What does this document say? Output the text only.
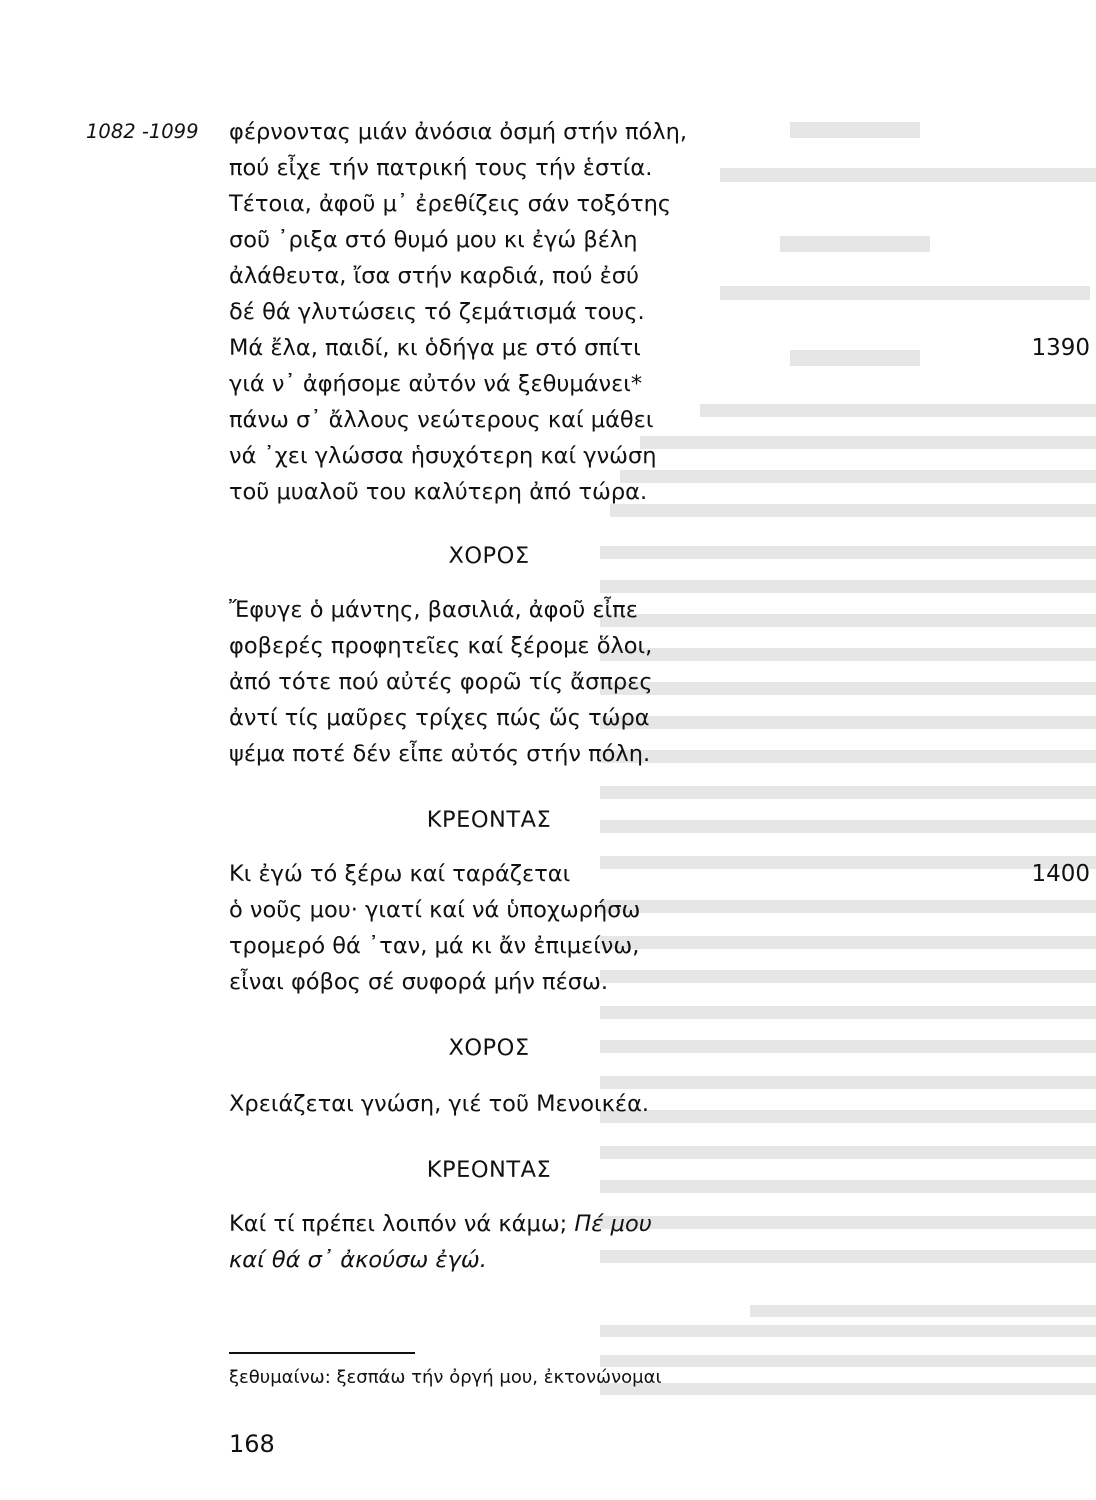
1082 -1099 φέρνοντας μιάν ἀνόσια ὀσμή στήν πόλη,
πού εἶχε τήν πατρική τους τήν ἑστία.
Τέτοια, ἀφοῦ μ᾽ ἐρεθίζεις σάν τοξότης
σοῦ ᾽ριξα στό θυμό μου κι ἐγώ βέλη
ἀλάθευτα, ἴσα στήν καρδιά, πού ἐσύ
δέ θά γλυτώσεις τό ζεμάτισμά τους.
Μά ἔλα, παιδί, κι ὁδήγα με στό σπίτι
γιά ν᾽ ἀφήσομε αὐτόν νά ξεθυμάνει*
πάνω σ᾽ ἄλλους νεώτερους καί μάθει
νά ᾽χει γλώσσα ἡσυχότερη καί γνώση
τοῦ μυαλοῦ του καλύτερη ἀπό τώρα.
1390
ΧΟΡΟΣ
Ἔφυγε ὁ μάντης, βασιλιά, ἀφοῦ εἶπε
φοβερές προφητεῖες καί ξέρομε ὅλοι,
ἀπό τότε πού αὐτές φορῶ τίς ἄσπρες
ἀντί τίς μαῦρες τρίχες πώς ὥς τώρα
ψέμα ποτέ δέν εἶπε αὐτός στήν πόλη.
ΚΡΕΟΝΤΑΣ
Κι ἐγώ τό ξέρω καί ταράζεται
ὁ νοῦς μου· γιατί καί νά ὑποχωρήσω
τρομερό θά ᾽ταν, μά κι ἄν ἐπιμείνω,
εἶναι φόβος σέ συφορά μήν πέσω.
1400
ΧΟΡΟΣ
Χρειάζεται γνώση, γιέ τοῦ Μενοικέα.
ΚΡΕΟΝΤΑΣ
Καί τί πρέπει λοιπόν νά κάμω; Πέ μου
καί θά σ᾽ ἀκούσω ἐγώ.
ξεθυμαίνω: ξεσπάω τήν ὀργή μου, ἐκτονώνομαι
168
